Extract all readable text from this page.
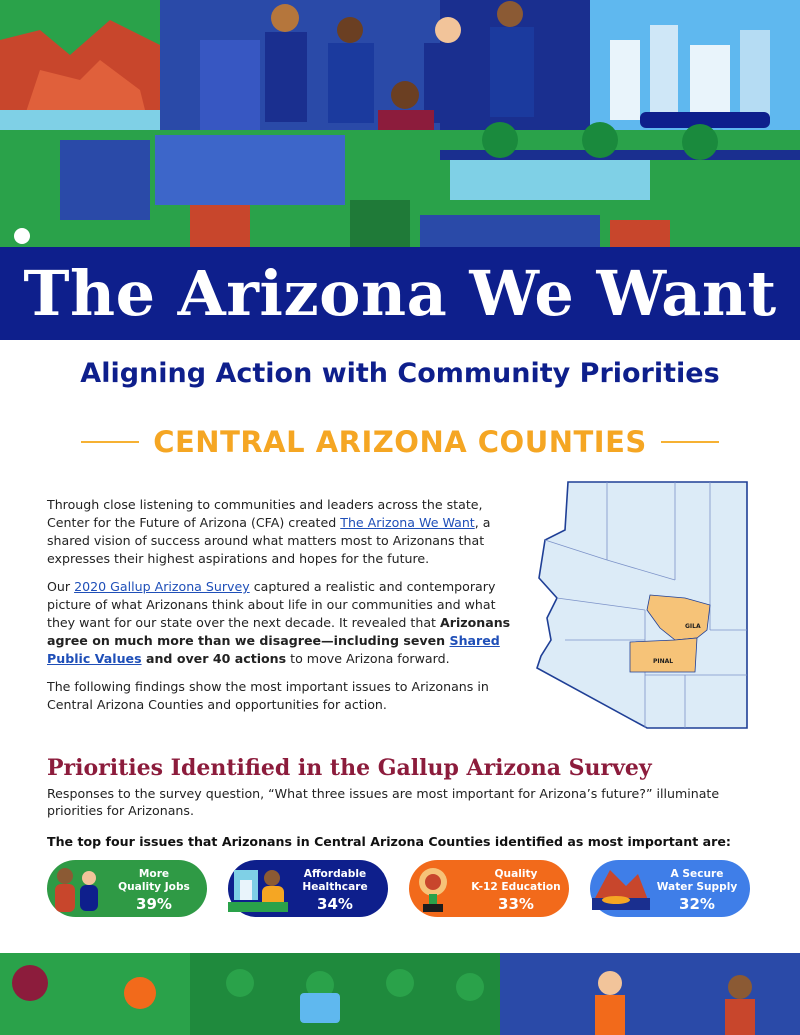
The Arizona We Want
Aligning Action with Community Priorities
CENTRAL ARIZONA COUNTIES

Through close listening to communities and leaders across the state, Center for the Future of Arizona (CFA) created The Arizona We Want, a shared vision of success around what matters most to Arizonans that expresses their highest aspirations and hopes for the future.

Our 2020 Gallup Arizona Survey captured a realistic and contemporary picture of what Arizonans think about life in our communities and what they want for our state over the next decade. It revealed that Arizonans agree on much more than we disagree—including seven Shared Public Values and over 40 actions to move Arizona forward.

The following findings show the most important issues to Arizonans in Central Arizona Counties and opportunities for action.

GILA
PINAL
Priorities Identified in the Gallup Arizona Survey
Responses to the survey question, “What three issues are most important for Arizona’s future?” illuminate priorities for Arizonans.
The top four issues that Arizonans in Central Arizona Counties identified as most important are:
More
Quality Jobs
39%
Affordable
Healthcare
34%
Quality
K-12 Education
33%
A Secure
Water Supply
32%
